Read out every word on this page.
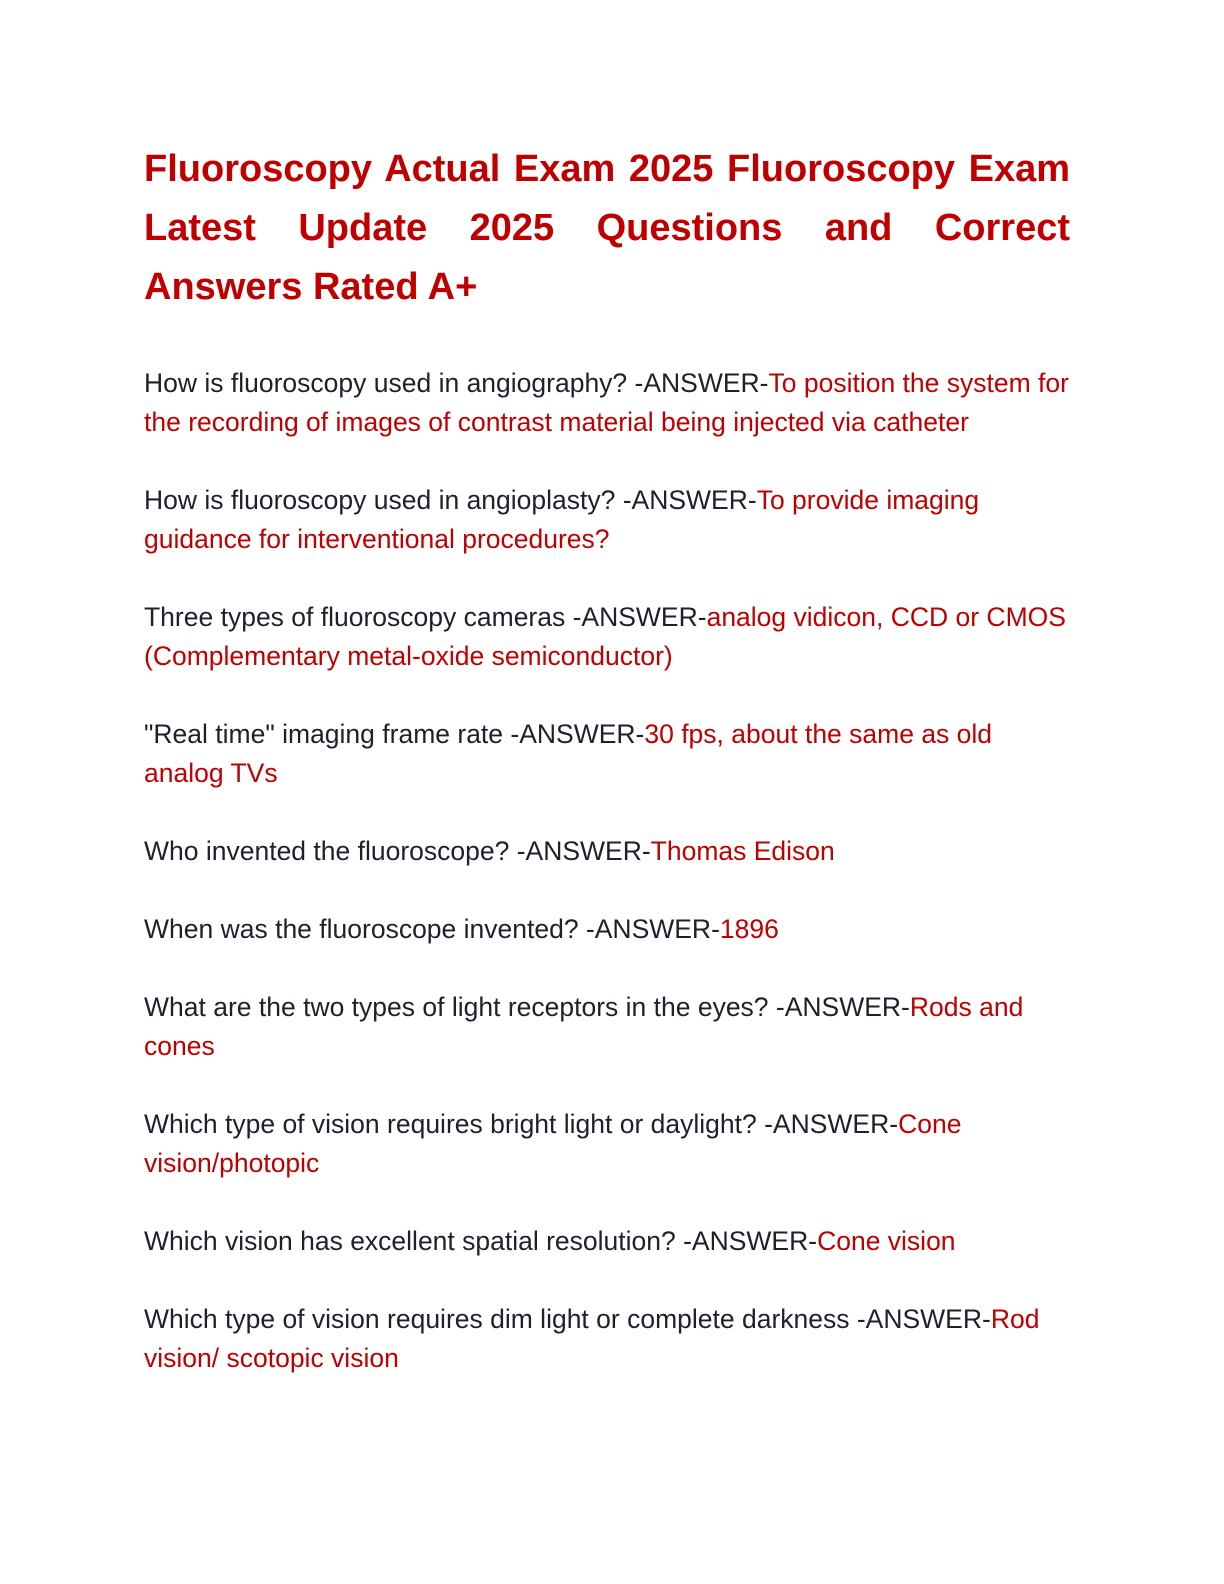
Fluoroscopy Actual Exam 2025 Fluoroscopy Exam Latest Update 2025 Questions and Correct Answers Rated A+

How is fluoroscopy used in angiography? -ANSWER-To position the system for the recording of images of contrast material being injected via catheter

How is fluoroscopy used in angioplasty? -ANSWER-To provide imaging guidance for interventional procedures?

Three types of fluoroscopy cameras -ANSWER-analog vidicon, CCD or CMOS (Complementary metal-oxide semiconductor)

"Real time" imaging frame rate -ANSWER-30 fps, about the same as old analog TVs

Who invented the fluoroscope? -ANSWER-Thomas Edison

When was the fluoroscope invented? -ANSWER-1896

What are the two types of light receptors in the eyes? -ANSWER-Rods and cones

Which type of vision requires bright light or daylight? -ANSWER-Cone vision/photopic

Which vision has excellent spatial resolution? -ANSWER-Cone vision

Which type of vision requires dim light or complete darkness -ANSWER-Rod vision/ scotopic vision
